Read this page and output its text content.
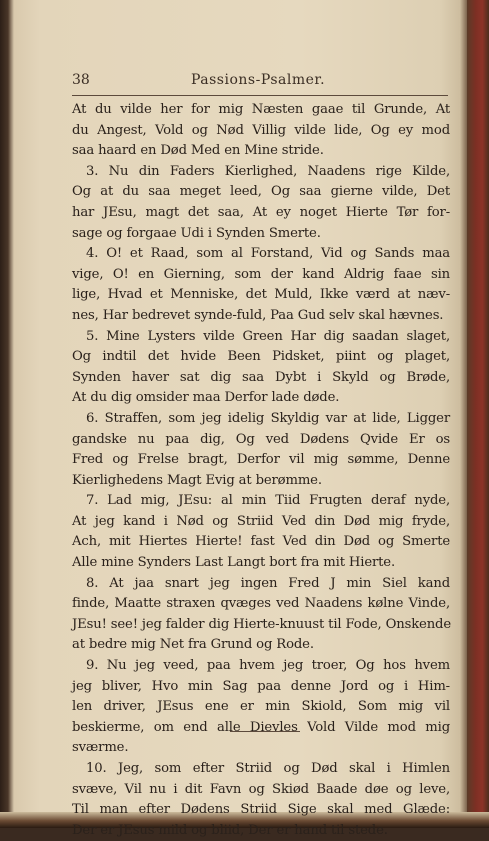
38	Passions-Psalmer.
At du vilde her for mig Næsten gaae til Grunde, At
du Angest, Vold og Nød Villig vilde lide, Og ey mod
saa haard en Død Med en Mine stride.
3. Nu din Faders Kierlighed, Naadens rige Kilde,
Og at du saa meget leed, Og saa gierne vilde, Det
har JEsu, magt det saa, At ey noget Hierte Tør for-
sage og forgaae Udi i Synden Smerte.
4. O! et Raad, som al Forstand, Vid og Sands maa
vige, O! en Gierning, som der kand Aldrig faae sin
lige, Hvad et Menniske, det Muld, Ikke værd at næv-
nes, Har bedrevet synde-fuld, Paa Gud selv skal hævnes.
5. Mine Lysters vilde Green Har dig saadan slaget,
Og indtil det hvide Been Pidsket, piint og plaget,
Synden haver sat dig saa Dybt i Skyld og Brøde,
At du dig omsider maa Derfor lade døde.
6. Straffen, som jeg idelig Skyldig var at lide, Ligger
gandske nu paa dig, Og ved Dødens Qvide Er os
Fred og Frelse bragt, Derfor vil mig sømme, Denne
Kierlighedens Magt Evig at berømme.
7. Lad mig, JEsu: al min Tiid Frugten deraf nyde,
At jeg kand i Nød og Striid Ved din Død mig fryde,
Ach, mit Hiertes Hierte! fast Ved din Død og Smerte
Alle mine Synders Last Langt bort fra mit Hierte.
8. At jaa snart jeg ingen Fred J min Siel kand
finde, Maatte straxen qvæges ved Naadens kølne Vinde,
JEsu! see! jeg falder dig Hierte-knuust til Fode, Onskende
at bedre mig Net fra Grund og Rode.
9. Nu jeg veed, paa hvem jeg troer, Og hos hvem
jeg bliver, Hvo min Sag paa denne Jord og i Him-
len driver, JEsus ene er min Skiold, Som mig vil
beskierme, om end alle Dievles Vold Vilde mod mig
sværme.
10. Jeg, som efter Striid og Død skal i Himlen
svæve, Vil nu i dit Favn og Skiød Baade døe og leve,
Til man efter Dødens Striid Sige skal med Glæde:
Der er JEsus mild og bliid, Der er hand til stede.
